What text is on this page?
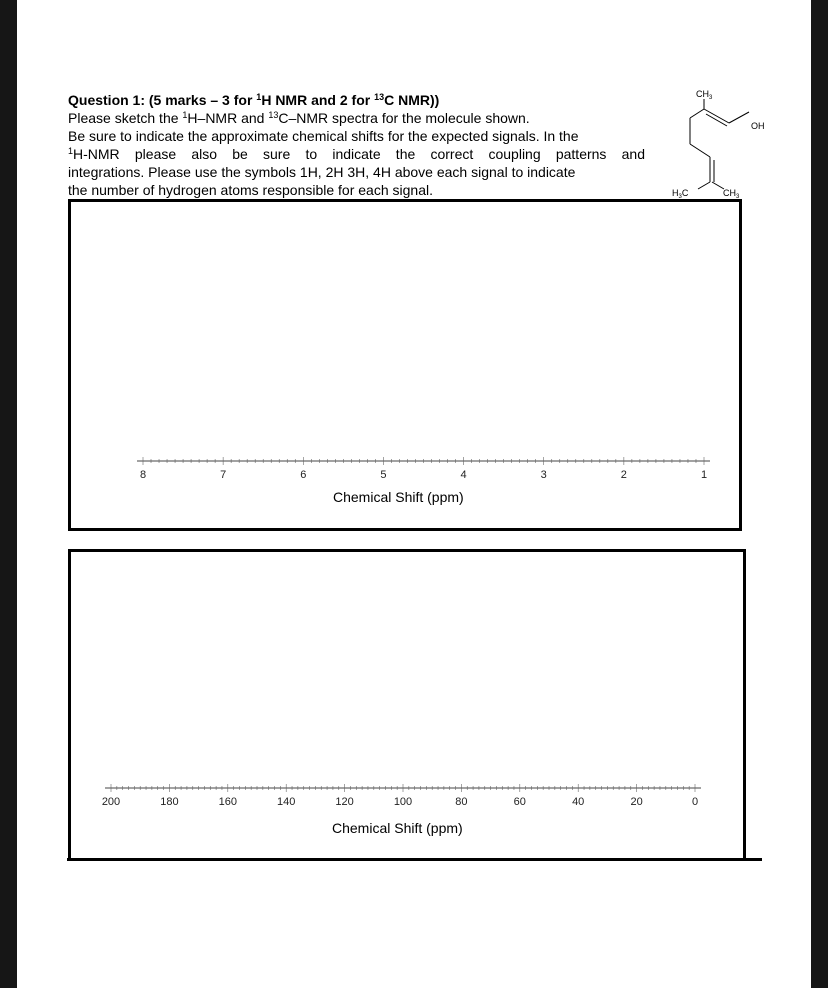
Question 1: (5 marks – 3 for $^1$H NMR and 2 for $^{13}$C NMR))
Please sketch the $^1$H–NMR and $^{13}$C–NMR spectra for the molecule shown.
Be sure to indicate the approximate chemical shifts for the expected signals. In the
$^1$H-NMR please also be sure to indicate the correct coupling patterns and
integrations. Please use the symbols 1H, 2H 3H, 4H above each signal to indicate
the number of hydrogen atoms responsible for each signal.
$CH_3$
OH
$H_3C$	$CH_3$
8	7	6	5	4	3	2	1
Chemical Shift (ppm)
200	180	160	140	120	100	80	60	40	20	0
Chemical Shift (ppm)
